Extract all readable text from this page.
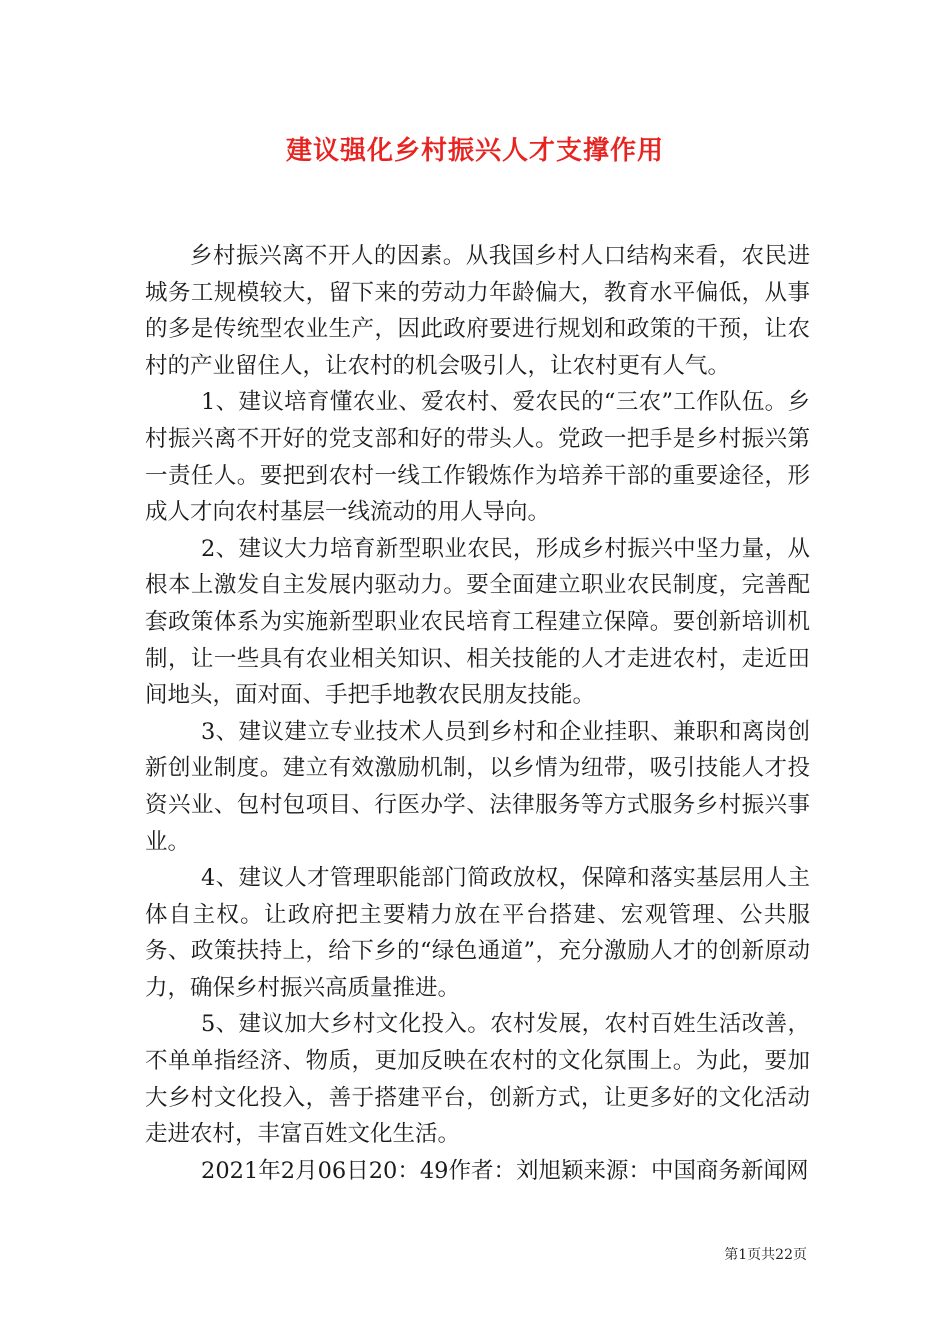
建议强化乡村振兴人才支撑作用

乡村振兴离不开人的因素。从我国乡村人口结构来看，农民进城务工规模较大，留下来的劳动力年龄偏大，教育水平偏低，从事的多是传统型农业生产，因此政府要进行规划和政策的干预，让农村的产业留住人，让农村的机会吸引人，让农村更有人气。

1、建议培育懂农业、爱农村、爱农民的“三农”工作队伍。乡村振兴离不开好的党支部和好的带头人。党政一把手是乡村振兴第一责任人。要把到农村一线工作锻炼作为培养干部的重要途径，形成人才向农村基层一线流动的用人导向。

2、建议大力培育新型职业农民，形成乡村振兴中坚力量，从根本上激发自主发展内驱动力。要全面建立职业农民制度，完善配套政策体系为实施新型职业农民培育工程建立保障。要创新培训机制，让一些具有农业相关知识、相关技能的人才走进农村，走近田间地头，面对面、手把手地教农民朋友技能。

3、建议建立专业技术人员到乡村和企业挂职、兼职和离岗创新创业制度。建立有效激励机制，以乡情为纽带，吸引技能人才投资兴业、包村包项目、行医办学、法律服务等方式服务乡村振兴事业。

4、建议人才管理职能部门简政放权，保障和落实基层用人主体自主权。让政府把主要精力放在平台搭建、宏观管理、公共服务、政策扶持上，给下乡的“绿色通道”，充分激励人才的创新原动力，确保乡村振兴高质量推进。

5、建议加大乡村文化投入。农村发展，农村百姓生活改善，不单单指经济、物质，更加反映在农村的文化氛围上。为此，要加大乡村文化投入，善于搭建平台，创新方式，让更多好的文化活动走进农村，丰富百姓文化生活。

2021年2月06日20：49作者：刘旭颖来源：中国商务新闻网

第1页共22页
